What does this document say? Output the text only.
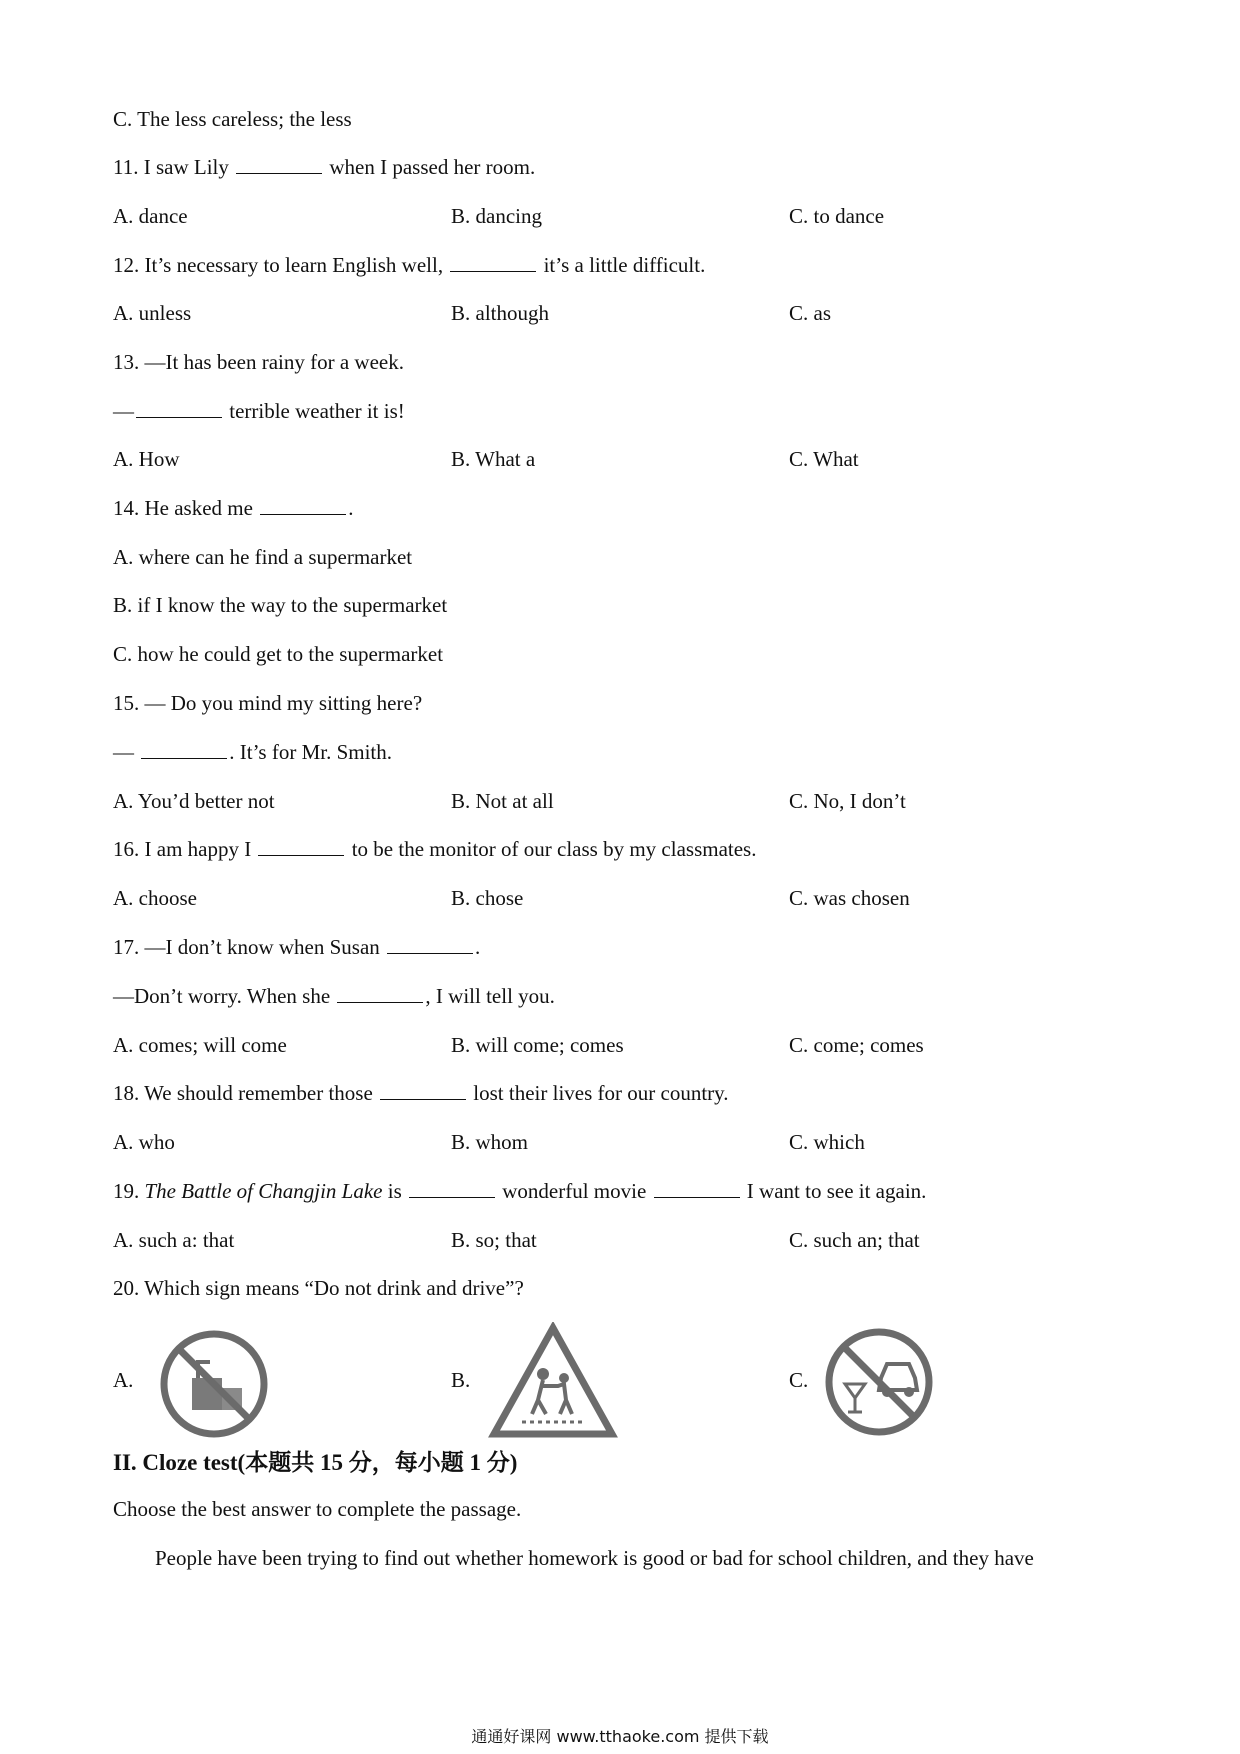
C. The less careless; the less
11. I saw Lily	when I passed her room.
A. dance	B. dancing	C. to dance
12. It’s necessary to learn English well,	it’s a little difficult.
A. unless	B. although	C. as
13. —It has been rainy for a week.
—	terrible weather it is!
A. How	B. What a	C. What
14. He asked me	.
A. where can he find a supermarket
B. if I know the way to the supermarket
C. how he could get to the supermarket
15. — Do you mind my sitting here?
—	. It’s for Mr. Smith.
A. You’d better not	B. Not at all	C. No, I don’t
16. I am happy I	to be the monitor of our class by my classmates.
A. choose	B. chose	C. was chosen
17. —I don’t know when Susan	.
—Don’t worry. When she	, I will tell you.
A. comes; will come	B. will come; comes	C. come; comes
18. We should remember those	lost their lives for our country.
A. who	B. whom	C. which
19. The Battle of Changjin Lake is	wonderful movie	I want to see it again.
A. such a: that	B. so; that	C. such an; that
20. Which sign means “Do not drink and drive”?
A.	B.	C.
II. Cloze test(本题共 15 分，每小题 1 分)
Choose the best answer to complete the passage.
People have been trying to find out whether homework is good or bad for school children, and they have
通通好课网 www.tthaoke.com 提供下载
